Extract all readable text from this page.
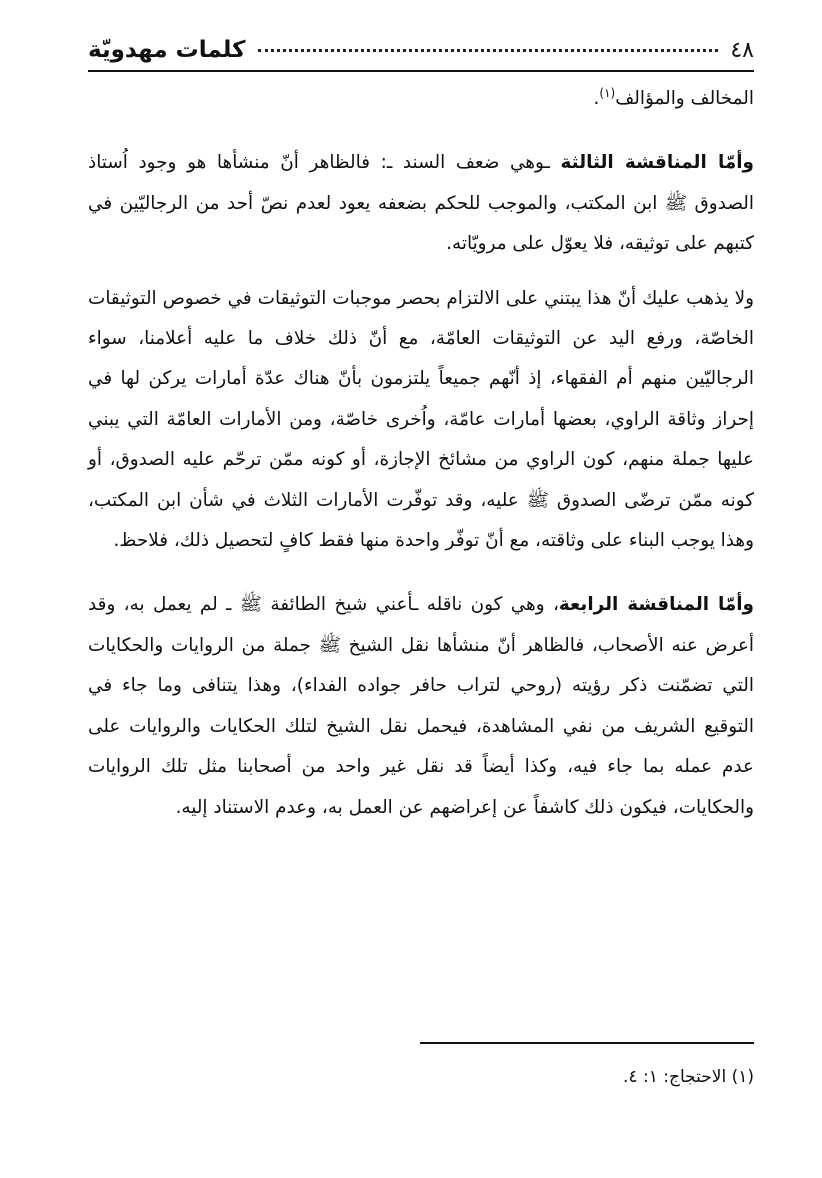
كلمات مهدويّة	٤٨

المخالف والمؤالف$^{(١)}$.

وأمّا المناقشة الثالثة ـوهي ضعف السند ـ: فالظاهر أنّ منشأها هو وجود اُستاذ الصدوق ﷺ ابن المكتب، والموجب للحكم بضعفه يعود لعدم نصّ أحد من الرجاليّين في كتبهم على توثيقه، فلا يعوّل على مرويّاته.

ولا يذهب عليك أنّ هذا يبتني على الالتزام بحصر موجبات التوثيقات في خصوص التوثيقات الخاصّة، ورفع اليد عن التوثيقات العامّة، مع أنّ ذلك خلاف ما عليه أعلامنا، سواء الرجاليّين منهم أم الفقهاء، إذ أنّهم جميعاً يلتزمون بأنّ هناك عدّة أمارات يركن لها في إحراز وثاقة الراوي، بعضها أمارات عامّة، واُخرى خاصّة، ومن الأمارات العامّة التي يبني عليها جملة منهم، كون الراوي من مشائخ الإجازة، أو كونه ممّن ترحّم عليه الصدوق، أو كونه ممّن ترضّى الصدوق ﷺ عليه، وقد توفّرت الأمارات الثلاث في شأن ابن المكتب، وهذا يوجب البناء على وثاقته، مع أنّ توفّر واحدة منها فقط كافٍ لتحصيل ذلك، فلاحظ.

وأمّا المناقشة الرابعة، وهي كون ناقله ـأعني شيخ الطائفة ﷺ ـ لم يعمل به، وقد أعرض عنه الأصحاب، فالظاهر أنّ منشأها نقل الشيخ ﷺ جملة من الروايات والحكايات التي تضمّنت ذكر رؤيته (روحي لتراب حافر جواده الفداء)، وهذا يتنافى وما جاء في التوقيع الشريف من نفي المشاهدة، فيحمل نقل الشيخ لتلك الحكايات والروايات على عدم عمله بما جاء فيه، وكذا أيضاً قد نقل غير واحد من أصحابنا مثل تلك الروايات والحكايات، فيكون ذلك كاشفاً عن إعراضهم عن العمل به، وعدم الاستناد إليه.

(١) الاحتجاج: ١: ٤.
